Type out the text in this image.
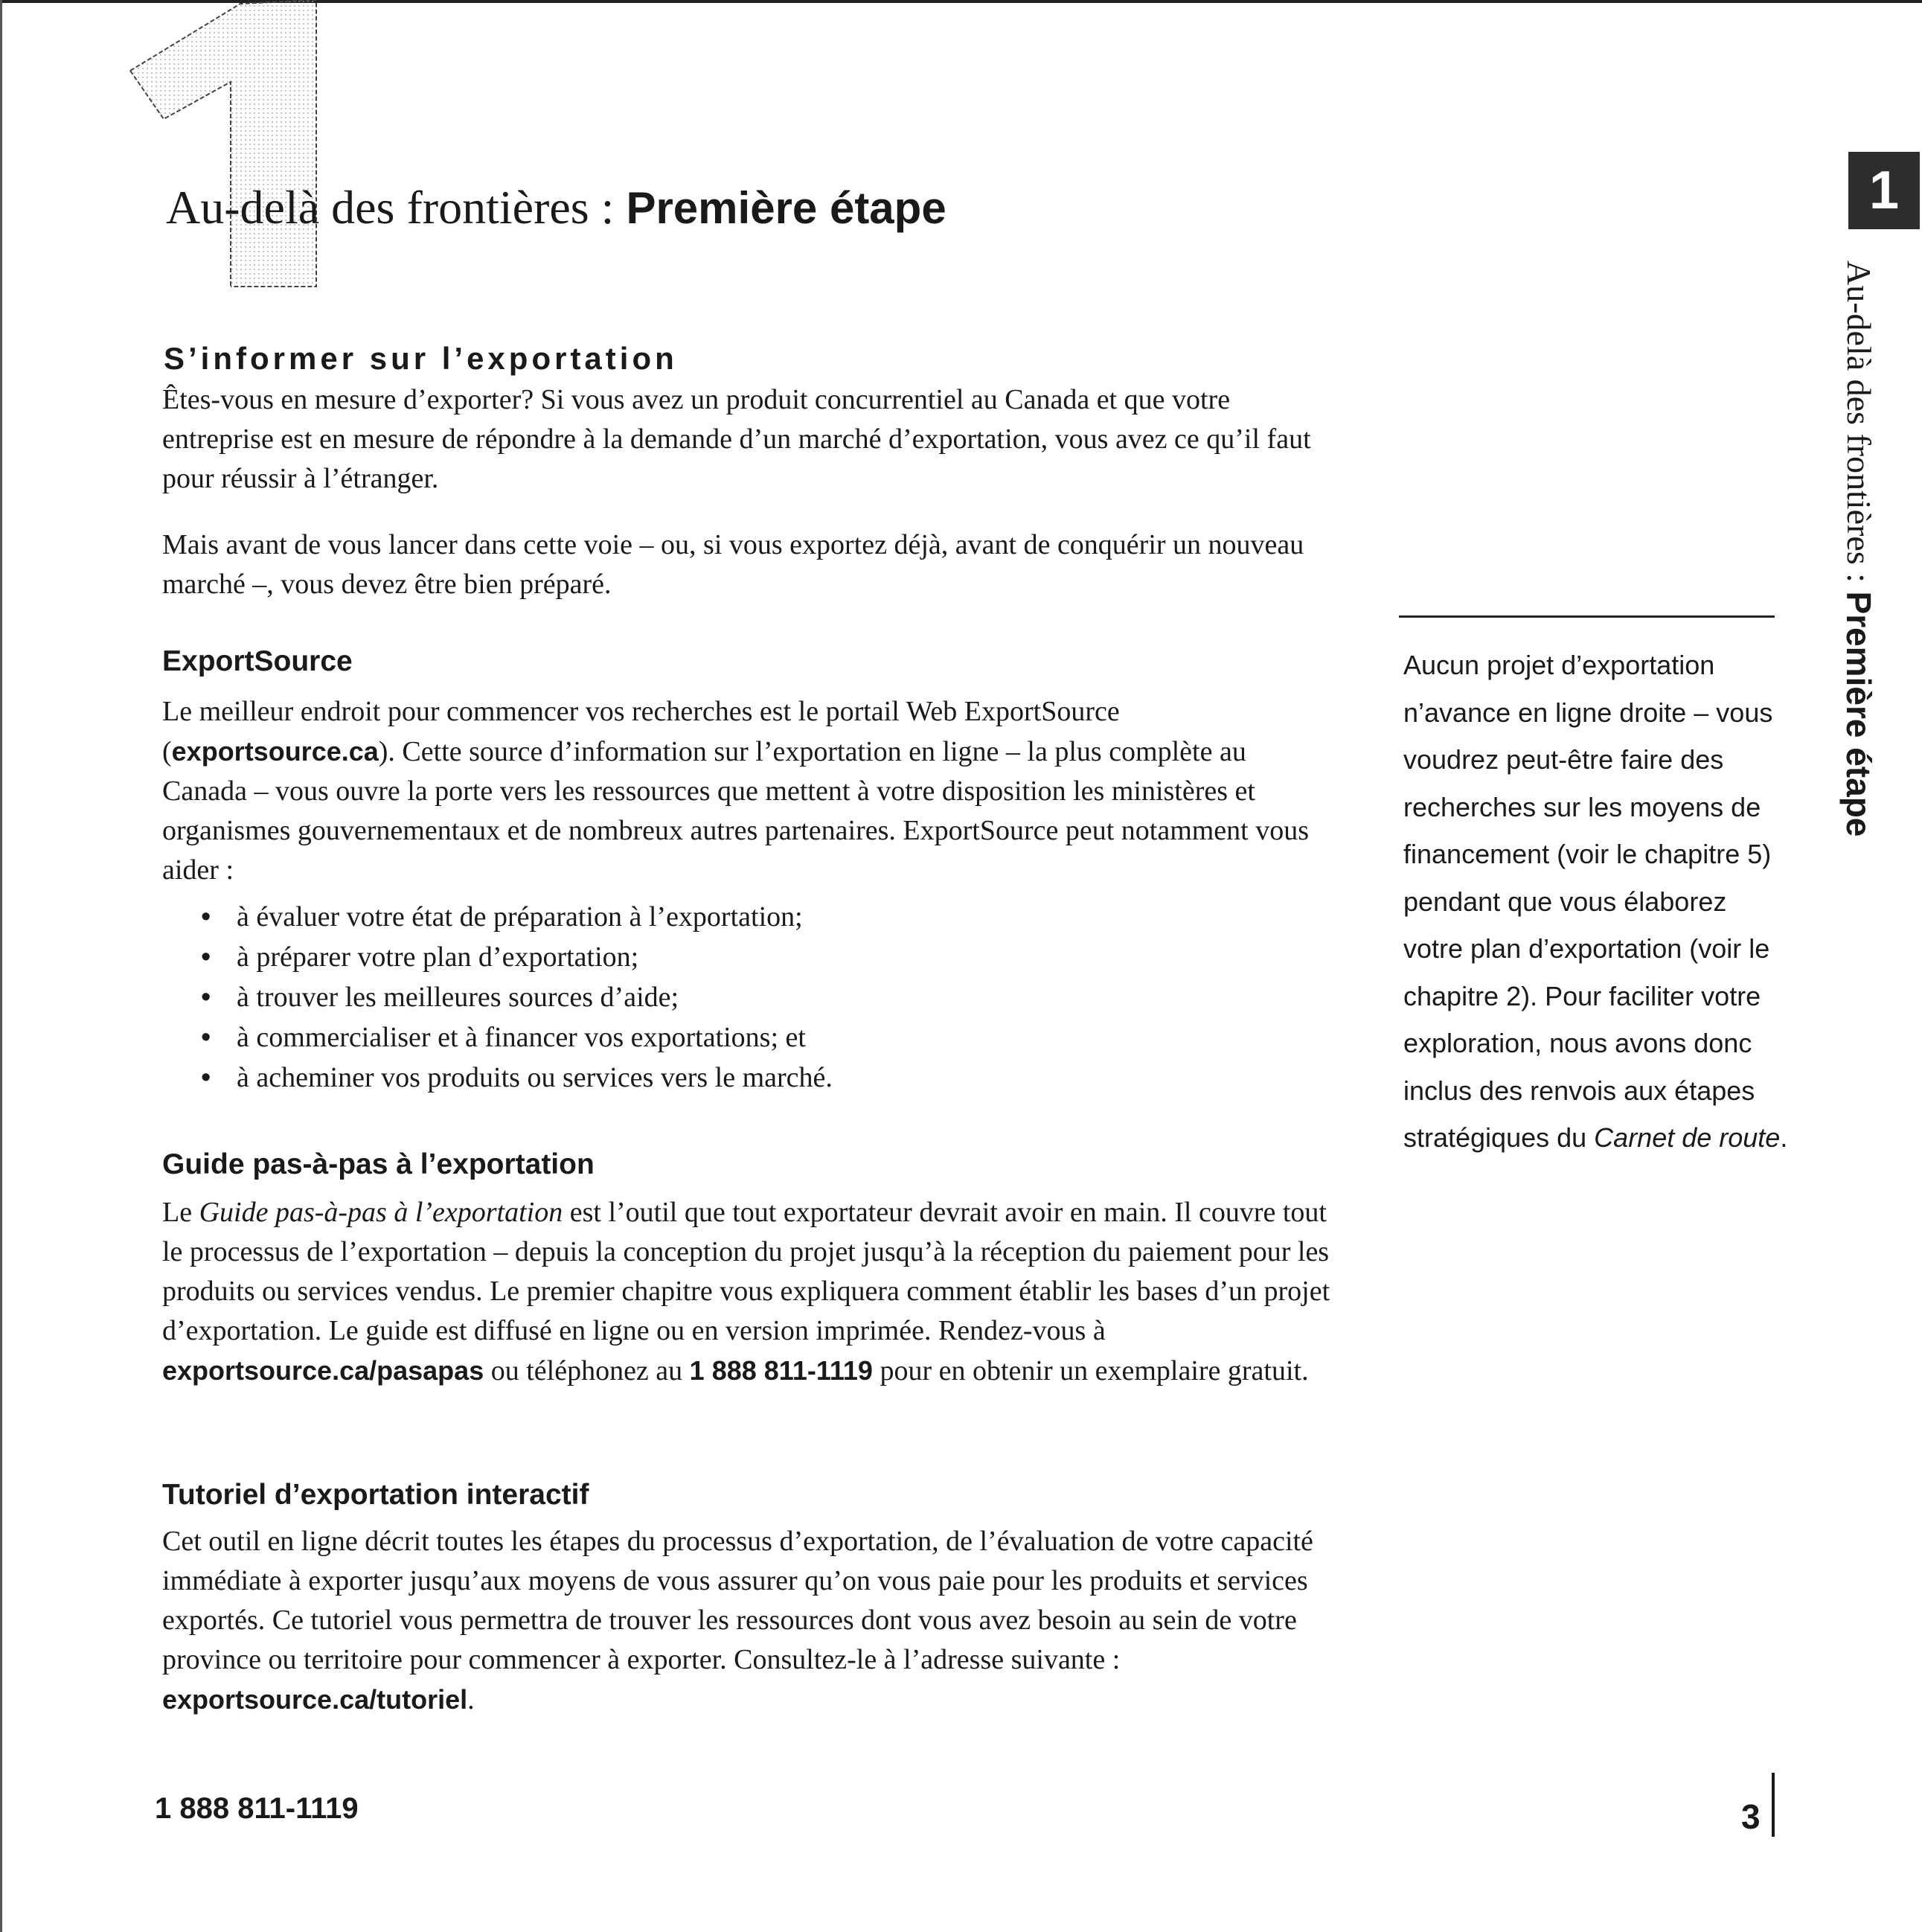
Au-delà des frontières : Première étape
S’informer sur l’exportation

Êtes-vous en mesure d’exporter? Si vous avez un produit concurrentiel au Canada et que votre entreprise est en mesure de répondre à la demande d’un marché d’exportation, vous avez ce qu’il faut pour réussir à l’étranger.

Mais avant de vous lancer dans cette voie – ou, si vous exportez déjà, avant de conquérir un nouveau marché –, vous devez être bien préparé.

ExportSource

Le meilleur endroit pour commencer vos recherches est le portail Web ExportSource (exportsource.ca). Cette source d’information sur l’exportation en ligne – la plus complète au Canada – vous ouvre la porte vers les ressources que mettent à votre disposition les ministères et organismes gouvernementaux et de nombreux autres partenaires. ExportSource peut notamment vous aider :

• à évaluer votre état de préparation à l’exportation;
• à préparer votre plan d’exportation;
• à trouver les meilleures sources d’aide;
• à commercialiser et à financer vos exportations; et
• à acheminer vos produits ou services vers le marché.
Guide pas-à-pas à l’exportation

Le Guide pas-à-pas à l’exportation est l’outil que tout exportateur devrait avoir en main. Il couvre tout le processus de l’exportation – depuis la conception du projet jusqu’à la réception du paiement pour les produits ou services vendus. Le premier chapitre vous expliquera comment établir les bases d’un projet d’exportation. Le guide est diffusé en ligne ou en version imprimée. Rendez-vous à exportsource.ca/pasapas ou téléphonez au 1 888 811-1119 pour en obtenir un exemplaire gratuit.

Tutoriel d’exportation interactif

Cet outil en ligne décrit toutes les étapes du processus d’exportation, de l’évaluation de votre capacité immédiate à exporter jusqu’aux moyens de vous assurer qu’on vous paie pour les produits et services exportés. Ce tutoriel vous permettra de trouver les ressources dont vous avez besoin au sein de votre province ou territoire pour commencer à exporter. Consultez-le à l’adresse suivante : exportsource.ca/tutoriel.

Aucun projet d’exportation n’avance en ligne droite – vous voudrez peut-être faire des recherches sur les moyens de financement (voir le chapitre 5) pendant que vous élaborez votre plan d’exportation (voir le chapitre 2). Pour faciliter votre exploration, nous avons donc inclus des renvois aux étapes stratégiques du Carnet de route.

1
Au-delà des frontières : Première étape
1 888 811-1119	3
